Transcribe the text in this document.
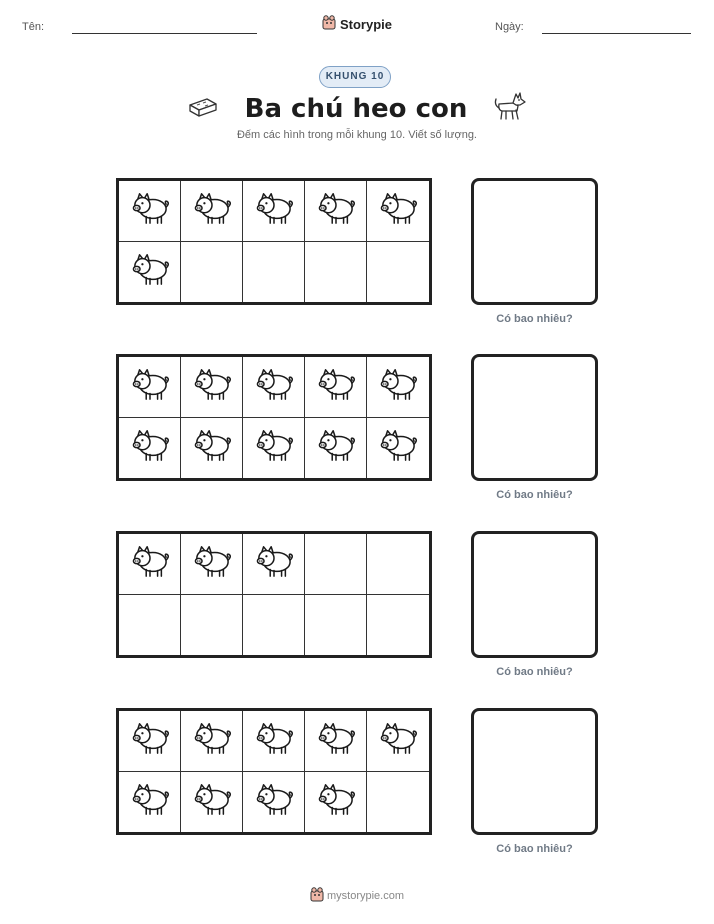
Tên:	Storypie	Ngày:
KHUNG 10
Ba chú heo con
Đếm các hình trong mỗi khung 10. Viết số lượng.
Có bao nhiêu?
Có bao nhiêu?
Có bao nhiêu?
Có bao nhiêu?
mystorypie.com
